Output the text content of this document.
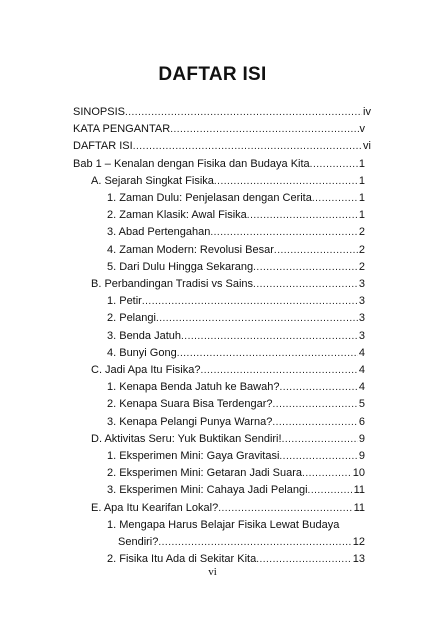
DAFTAR ISI
SINOPSIS .....	iv
KATA PENGANTAR .....	v
DAFTAR ISI .....	vi
Bab 1 – Kenalan dengan Fisika dan Budaya Kita .....	1
A. Sejarah Singkat Fisika .....	1
1. Zaman Dulu: Penjelasan dengan Cerita .....	1
2. Zaman Klasik: Awal Fisika .....	1
3. Abad Pertengahan .....	2
4. Zaman Modern: Revolusi Besar .....	2
5. Dari Dulu Hingga Sekarang .....	2
B. Perbandingan Tradisi vs Sains .....	3
1. Petir .....	3
2. Pelangi .....	3
3. Benda Jatuh .....	3
4. Bunyi Gong .....	4
C. Jadi Apa Itu Fisika? .....	4
1. Kenapa Benda Jatuh ke Bawah? .....	4
2. Kenapa Suara Bisa Terdengar? .....	5
3. Kenapa Pelangi Punya Warna? .....	6
D. Aktivitas Seru: Yuk Buktikan Sendiri! .....	9
1. Eksperimen Mini: Gaya Gravitasi .....	9
2. Eksperimen Mini: Getaran Jadi Suara .....	10
3. Eksperimen Mini: Cahaya Jadi Pelangi .....	11
E. Apa Itu Kearifan Lokal? .....	11
1. Mengapa Harus Belajar Fisika Lewat Budaya
Sendiri? .....	12
2. Fisika Itu Ada di Sekitar Kita .....	13
vi
